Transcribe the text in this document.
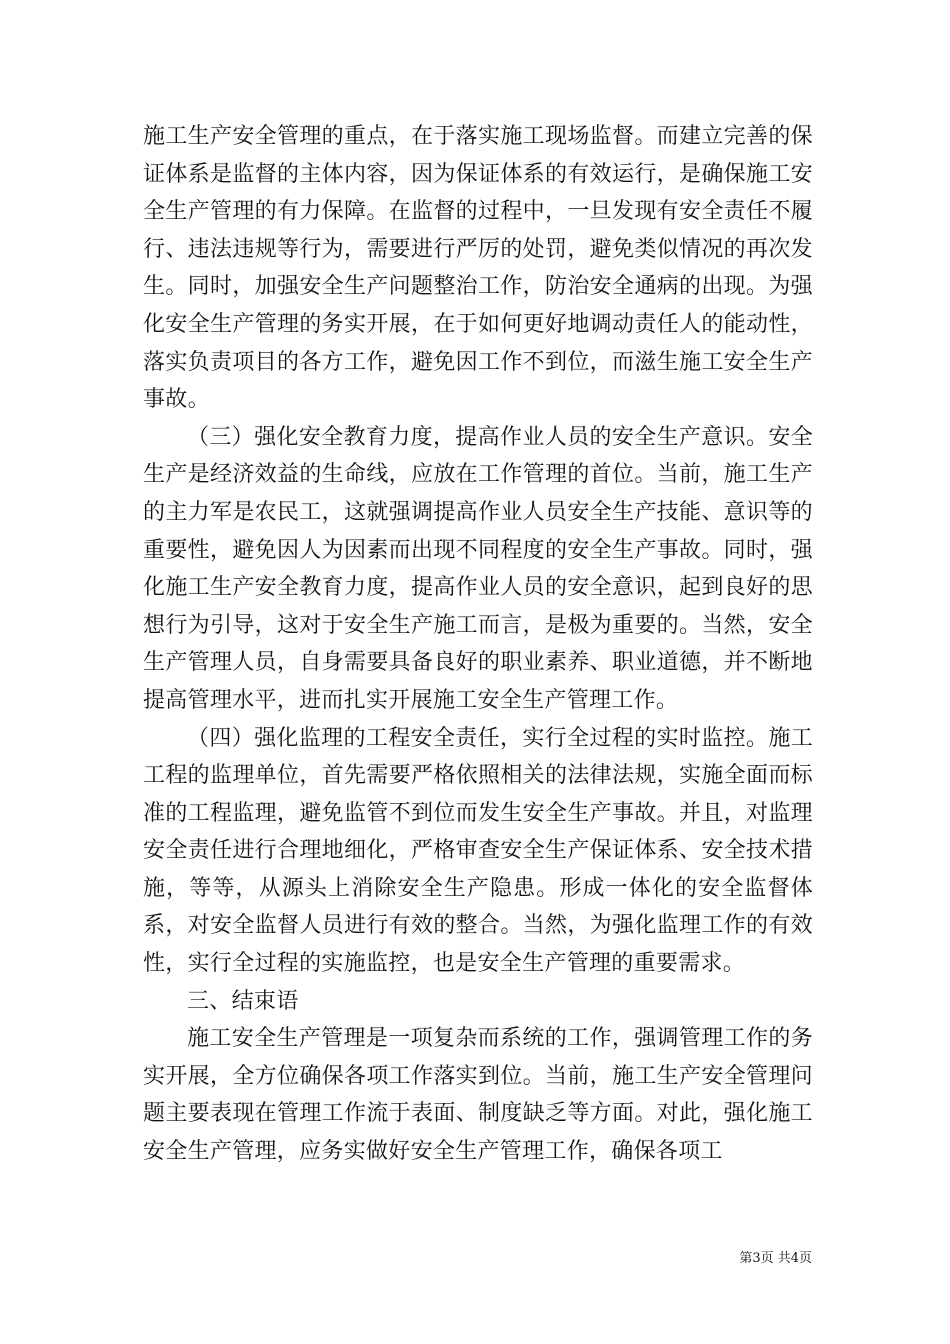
施工生产安全管理的重点，在于落实施工现场监督。而建立完善的保证体系是监督的主体内容，因为保证体系的有效运行，是确保施工安全生产管理的有力保障。在监督的过程中，一旦发现有安全责任不履行、违法违规等行为，需要进行严厉的处罚，避免类似情况的再次发生。同时，加强安全生产问题整治工作，防治安全通病的出现。为强化安全生产管理的务实开展，在于如何更好地调动责任人的能动性，落实负责项目的各方工作，避免因工作不到位，而滋生施工安全生产事故。

（三）强化安全教育力度，提高作业人员的安全生产意识。安全生产是经济效益的生命线，应放在工作管理的首位。当前，施工生产的主力军是农民工，这就强调提高作业人员安全生产技能、意识等的重要性，避免因人为因素而出现不同程度的安全生产事故。同时，强化施工生产安全教育力度，提高作业人员的安全意识，起到良好的思想行为引导，这对于安全生产施工而言，是极为重要的。当然，安全生产管理人员，自身需要具备良好的职业素养、职业道德，并不断地提高管理水平，进而扎实开展施工安全生产管理工作。

（四）强化监理的工程安全责任，实行全过程的实时监控。施工工程的监理单位，首先需要严格依照相关的法律法规，实施全面而标准的工程监理，避免监管不到位而发生安全生产事故。并且，对监理安全责任进行合理地细化，严格审查安全生产保证体系、安全技术措施，等等，从源头上消除安全生产隐患。形成一体化的安全监督体系，对安全监督人员进行有效的整合。当然，为强化监理工作的有效性，实行全过程的实施监控，也是安全生产管理的重要需求。

三、结束语

施工安全生产管理是一项复杂而系统的工作，强调管理工作的务实开展，全方位确保各项工作落实到位。当前，施工生产安全管理问题主要表现在管理工作流于表面、制度缺乏等方面。对此，强化施工安全生产管理，应务实做好安全生产管理工作，确保各项工

第3页 共4页
